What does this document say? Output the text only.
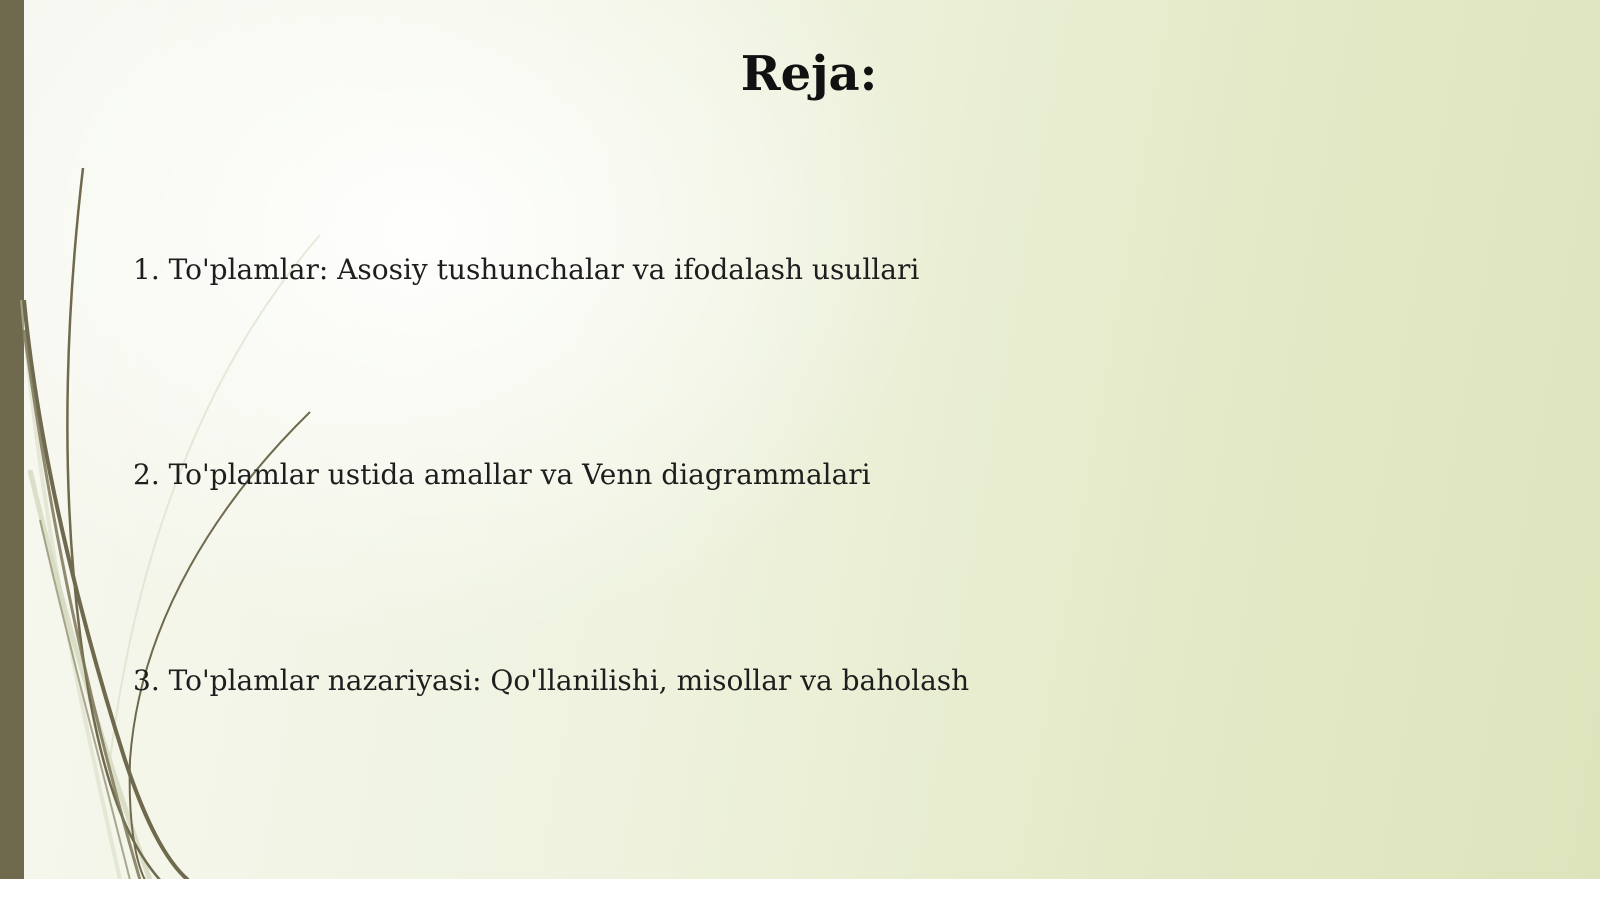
Reja:
1. To'plamlar: Asosiy tushunchalar va ifodalash usullari
2. To'plamlar ustida amallar va Venn diagrammalari
3. To'plamlar nazariyasi: Qo'llanilishi, misollar va baholash
